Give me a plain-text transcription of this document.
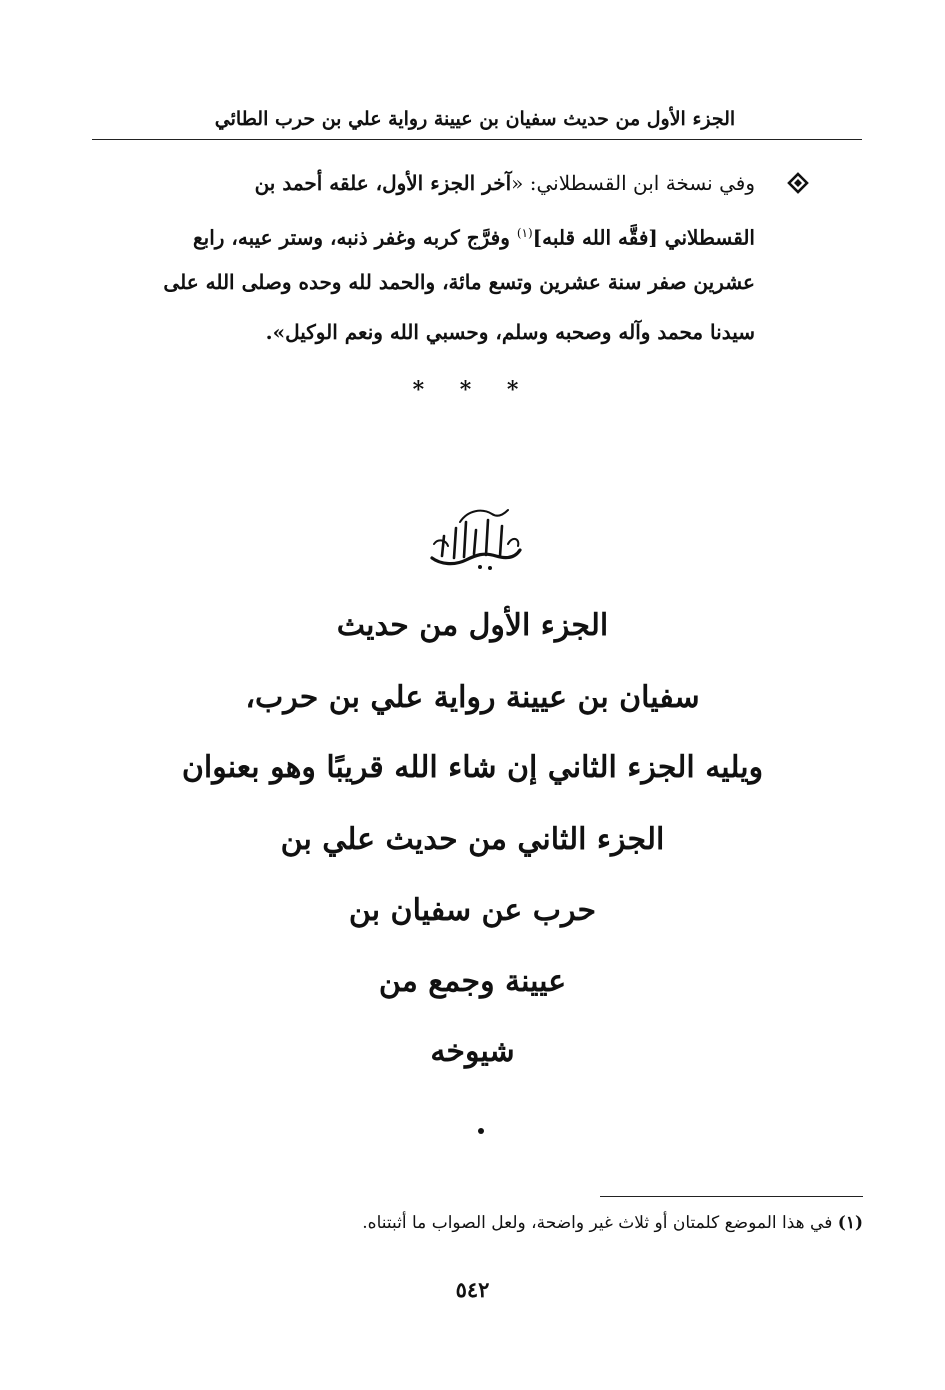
الجزء الأول من حديث سفيان بن عيينة رواية علي بن حرب الطائي
وفي نسخة ابن القسطلاني: «آخر الجزء الأول، علقه أحمد بن
القسطلاني [فقَّه الله قلبه]$^{(١)}$ وفرَّج كربه وغفر ذنبه، وستر عيبه، رابع
عشرين صفر سنة عشرين وتسع مائة، والحمد لله وحده وصلى الله على
سيدنا محمد وآله وصحبه وسلم، وحسبي الله ونعم الوكيل».
* * *
الجزء الأول من حديث
سفيان بن عيينة رواية علي بن حرب،
ويليه الجزء الثاني إن شاء الله قريبًا وهو بعنوان
الجزء الثاني من حديث علي بن
حرب عن سفيان بن
عيينة وجمع من
شيوخه
(١) في هذا الموضع كلمتان أو ثلاث غير واضحة، ولعل الصواب ما أثبتناه.
٥٤٢
